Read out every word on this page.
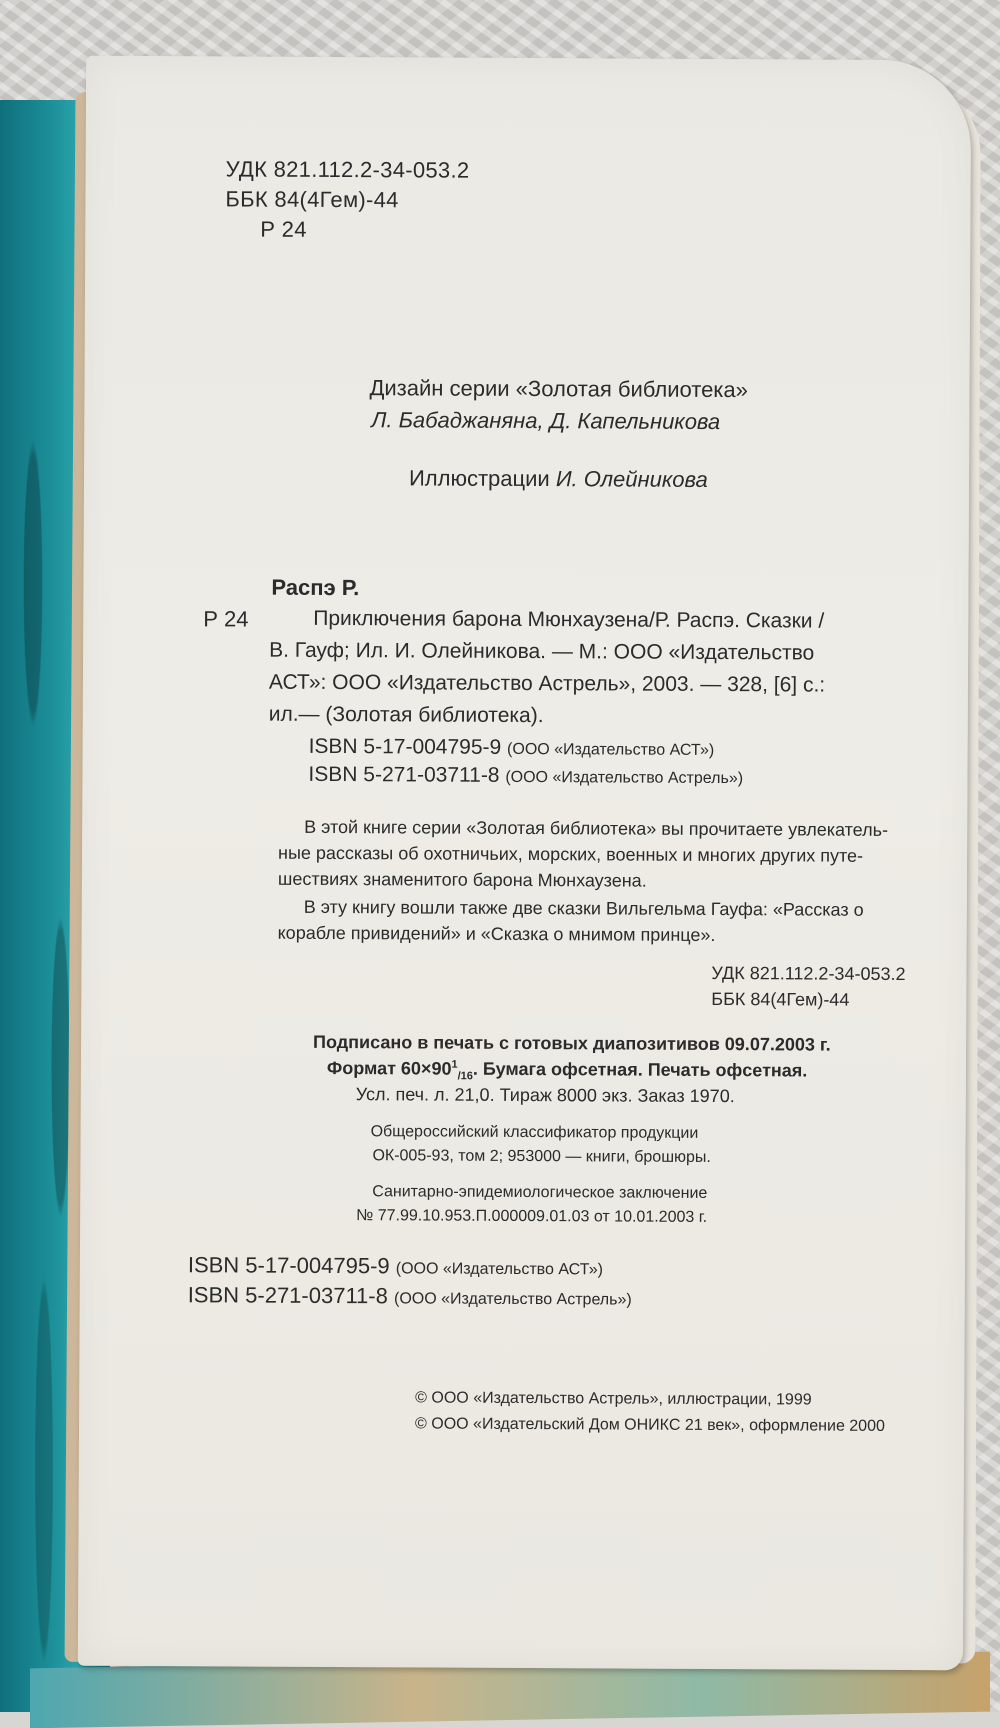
УДК 821.112.2-34-053.2
ББК 84(4Гем)-44
Р 24
Дизайн серии «Золотая библиотека»
Л. Бабаджаняна, Д. Капельникова
Иллюстрации И. Олейникова
Распэ Р.
Р 24	Приключения барона Мюнхаузена/Р. Распэ. Сказки /
В. Гауф; Ил. И. Олейникова. — М.: ООО «Издательство
АСТ»: ООО «Издательство Астрель», 2003. — 328, [6] с.:
ил.— (Золотая библиотека).
ISBN 5-17-004795-9 (ООО «Издательство АСТ»)
ISBN 5-271-03711-8 (ООО «Издательство Астрель»)
В этой книге серии «Золотая библиотека» вы прочитаете увлекатель-
ные рассказы об охотничьих, морских, военных и многих других путе-
шествиях знаменитого барона Мюнхаузена.
В эту книгу вошли также две сказки Вильгельма Гауфа: «Рассказ о
корабле привидений» и «Сказка о мнимом принце».
УДК 821.112.2-34-053.2
ББК 84(4Гем)-44
Подписано в печать с готовых диапозитивов 09.07.2003 г.
Формат $60\times 90^1_{/16}$. Бумага офсетная. Печать офсетная.
Усл. печ. л. 21,0. Тираж 8000 экз. Заказ 1970.
Общероссийский классификатор продукции
ОК-005-93, том 2; 953000 — книги, брошюры.
Санитарно-эпидемиологическое заключение
№ 77.99.10.953.П.000009.01.03 от 10.01.2003 г.
ISBN 5-17-004795-9 (ООО «Издательство АСТ»)
ISBN 5-271-03711-8 (ООО «Издательство Астрель»)
© ООО «Издательство Астрель», иллюстрации, 1999
© ООО «Издательский Дом ОНИКС 21 век», оформление 2000
